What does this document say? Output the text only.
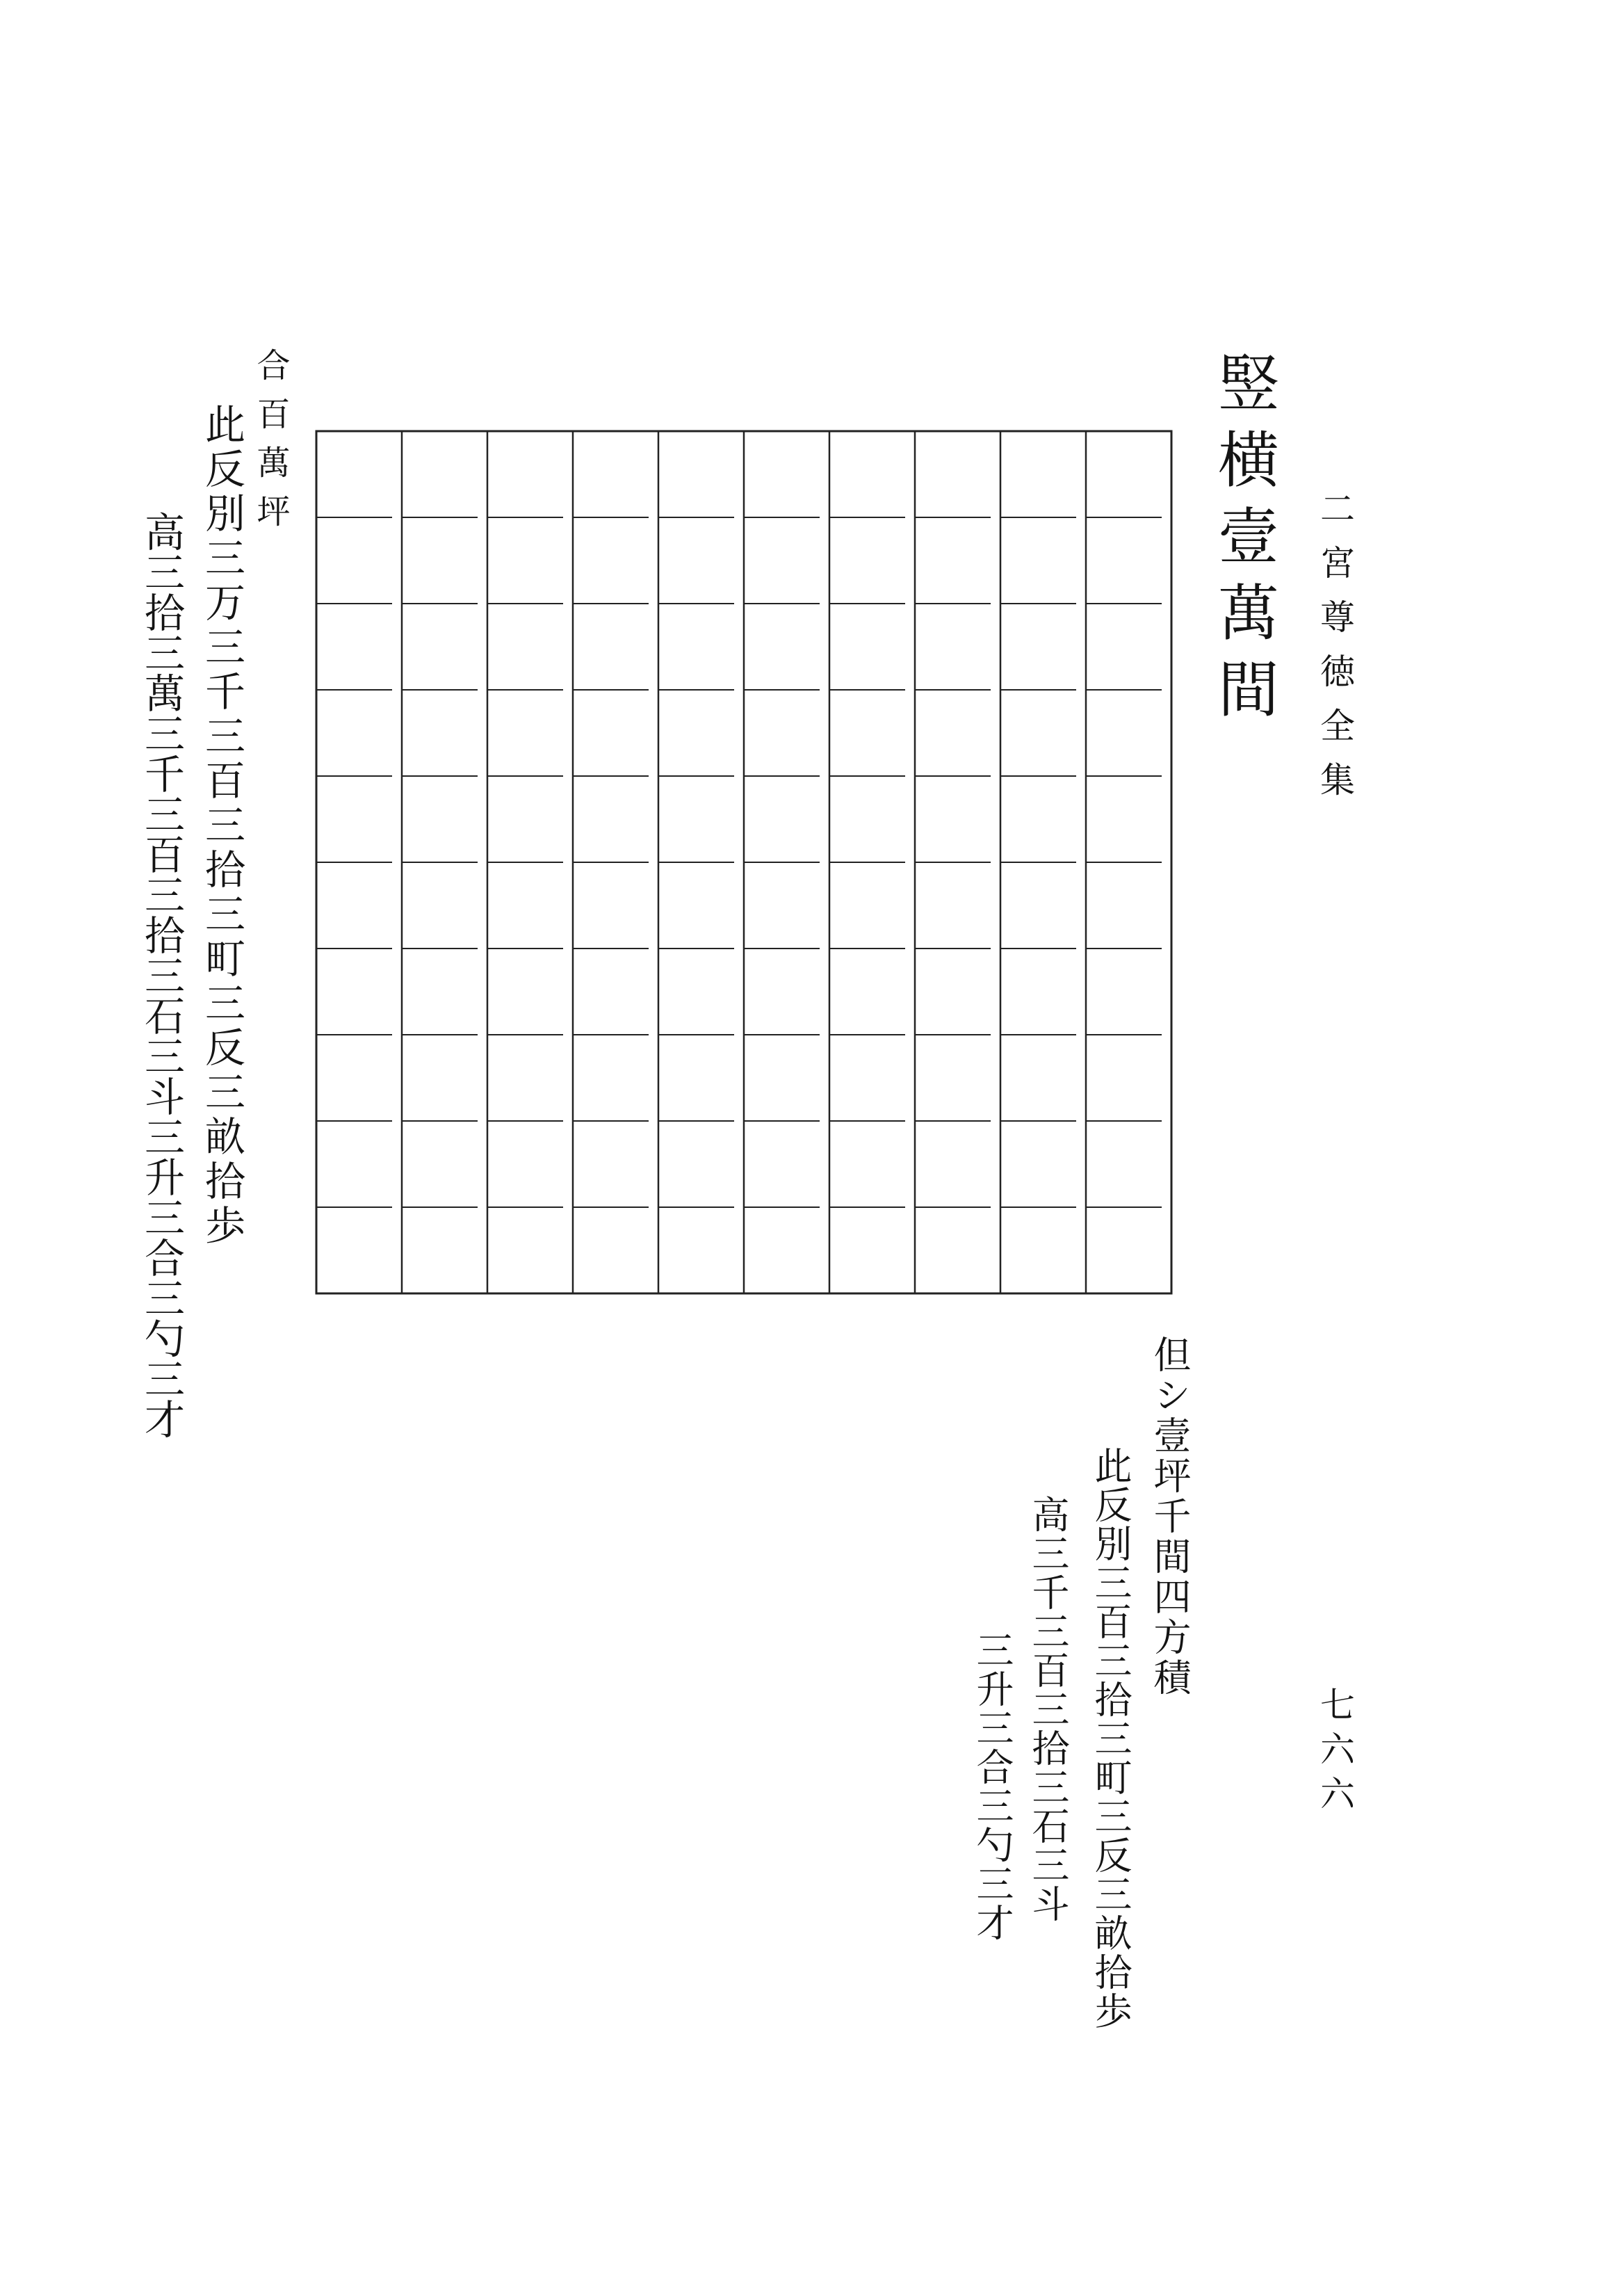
二宮尊徳全集
七六六
竪横壹萬間
合百萬坪
此反別三万三千三百三拾三町三反三畝拾歩
高三拾三萬三千三百三拾三石三斗三升三合三勺三才
但シ壹坪千間四方積
此反別三百三拾三町三反三畝拾歩
高三千三百三拾三石三斗
三升三合三勺三才
